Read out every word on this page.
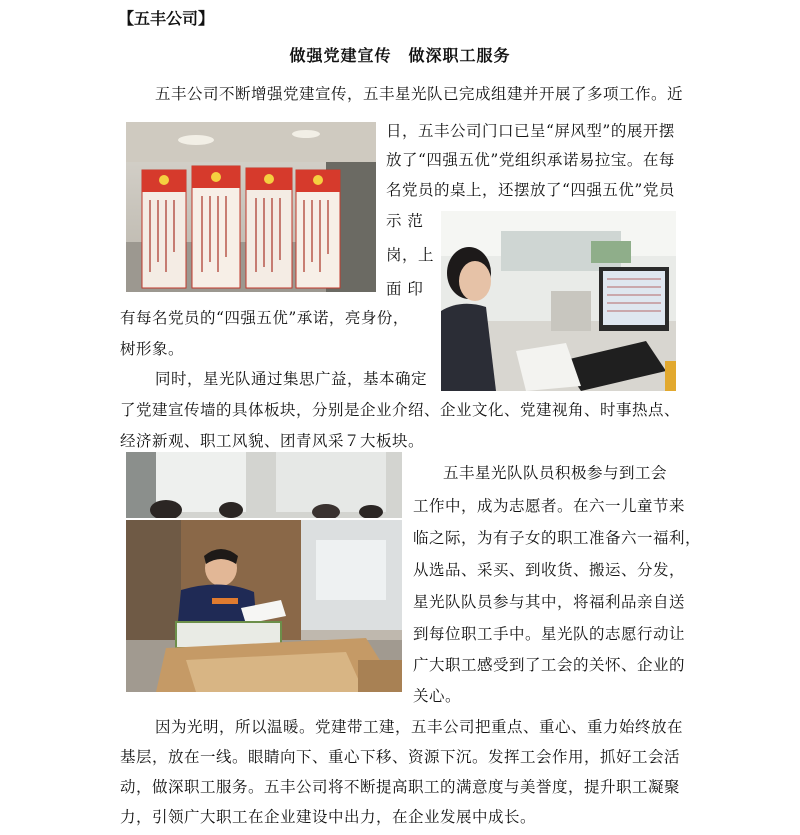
【五丰公司】
做强党建宣传　做深职工服务
五丰公司不断增强党建宣传，五丰星光队已完成组建并开展了多项工作。近
日，五丰公司门口已呈“屏风型”的展开摆
放了“四强五优”党组织承诺易拉宝。在每
名党员的桌上，还摆放了“四强五优”党员
示 范
岗，上
面 印
有每名党员的“四强五优”承诺，亮身份，
树形象。
同时，星光队通过集思广益，基本确定
了党建宣传墙的具体板块，分别是企业介绍、企业文化、党建视角、时事热点、
经济新观、职工风貌、团青风采７大板块。
五丰星光队队员积极参与到工会
工作中，成为志愿者。在六一儿童节来
临之际，为有子女的职工准备六一福利，
从选品、采买、到收货、搬运、分发，
星光队队员参与其中，将福利品亲自送
到每位职工手中。星光队的志愿行动让
广大职工感受到了工会的关怀、企业的
关心。
因为光明，所以温暖。党建带工建，五丰公司把重点、重心、重力始终放在
基层，放在一线。眼睛向下、重心下移、资源下沉。发挥工会作用，抓好工会活
动，做深职工服务。五丰公司将不断提高职工的满意度与美誉度，提升职工凝聚
力，引领广大职工在企业建设中出力，在企业发展中成长。
